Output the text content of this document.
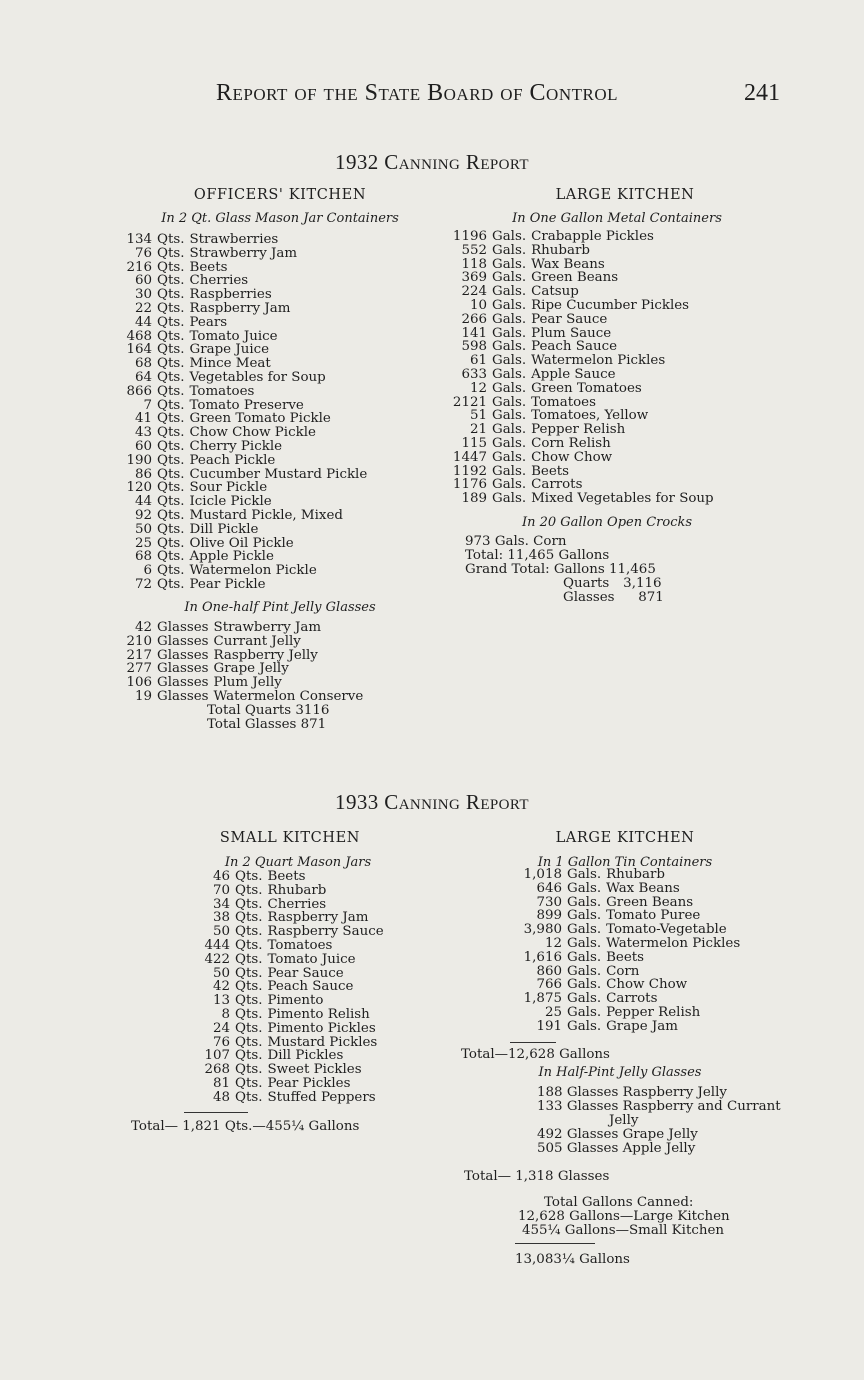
Report of the State Board of Control	241
1932 Canning Report
OFFICERS' KITCHEN
In 2 Qt. Glass Mason Jar Containers
134 Qts. Strawberries
76 Qts. Strawberry Jam
216 Qts. Beets
60 Qts. Cherries
30 Qts. Raspberries
22 Qts. Raspberry Jam
44 Qts. Pears
468 Qts. Tomato Juice
164 Qts. Grape Juice
68 Qts. Mince Meat
64 Qts. Vegetables for Soup
866 Qts. Tomatoes
7 Qts. Tomato Preserve
41 Qts. Green Tomato Pickle
43 Qts. Chow Chow Pickle
60 Qts. Cherry Pickle
190 Qts. Peach Pickle
86 Qts. Cucumber Mustard Pickle
120 Qts. Sour Pickle
44 Qts. Icicle Pickle
92 Qts. Mustard Pickle, Mixed
50 Qts. Dill Pickle
25 Qts. Olive Oil Pickle
68 Qts. Apple Pickle
6 Qts. Watermelon Pickle
72 Qts. Pear Pickle
In One-half Pint Jelly Glasses
42 Glasses Strawberry Jam
210 Glasses Currant Jelly
217 Glasses Raspberry Jelly
277 Glasses Grape Jelly
106 Glasses Plum Jelly
19 Glasses Watermelon Conserve
Total Quarts 3116
Total Glasses 871
LARGE KITCHEN
In One Gallon Metal Containers
1196 Gals. Crabapple Pickles
552 Gals. Rhubarb
118 Gals. Wax Beans
369 Gals. Green Beans
224 Gals. Catsup
10 Gals. Ripe Cucumber Pickles
266 Gals. Pear Sauce
141 Gals. Plum Sauce
598 Gals. Peach Sauce
61 Gals. Watermelon Pickles
633 Gals. Apple Sauce
12 Gals. Green Tomatoes
2121 Gals. Tomatoes
51 Gals. Tomatoes, Yellow
21 Gals. Pepper Relish
115 Gals. Corn Relish
1447 Gals. Chow Chow
1192 Gals. Beets
1176 Gals. Carrots
189 Gals. Mixed Vegetables for Soup
In 20 Gallon Open Crocks
973 Gals. Corn
Total: 11,465 Gallons
Grand Total: Gallons 11,465
Quarts 3,116
Glasses 871
1933 Canning Report
SMALL KITCHEN
In 2 Quart Mason Jars
46 Qts. Beets
70 Qts. Rhubarb
34 Qts. Cherries
38 Qts. Raspberry Jam
50 Qts. Raspberry Sauce
444 Qts. Tomatoes
422 Qts. Tomato Juice
50 Qts. Pear Sauce
42 Qts. Peach Sauce
13 Qts. Pimento
8 Qts. Pimento Relish
24 Qts. Pimento Pickles
76 Qts. Mustard Pickles
107 Qts. Dill Pickles
268 Qts. Sweet Pickles
81 Qts. Pear Pickles
48 Qts. Stuffed Peppers
Total— 1,821 Qts.—455¼ Gallons
LARGE KITCHEN
In 1 Gallon Tin Containers
1,018 Gals. Rhubarb
646 Gals. Wax Beans
730 Gals. Green Beans
899 Gals. Tomato Puree
3,980 Gals. Tomato-Vegetable
12 Gals. Watermelon Pickles
1,616 Gals. Beets
860 Gals. Corn
766 Gals. Chow Chow
1,875 Gals. Carrots
25 Gals. Pepper Relish
191 Gals. Grape Jam
Total—12,628 Gallons
In Half-Pint Jelly Glasses
188 Glasses Raspberry Jelly
133 Glasses Raspberry and Currant
Jelly
492 Glasses Grape Jelly
505 Glasses Apple Jelly
Total— 1,318 Glasses
Total Gallons Canned:
12,628 Gallons—Large Kitchen
455¼ Gallons—Small Kitchen
13,083¼ Gallons
